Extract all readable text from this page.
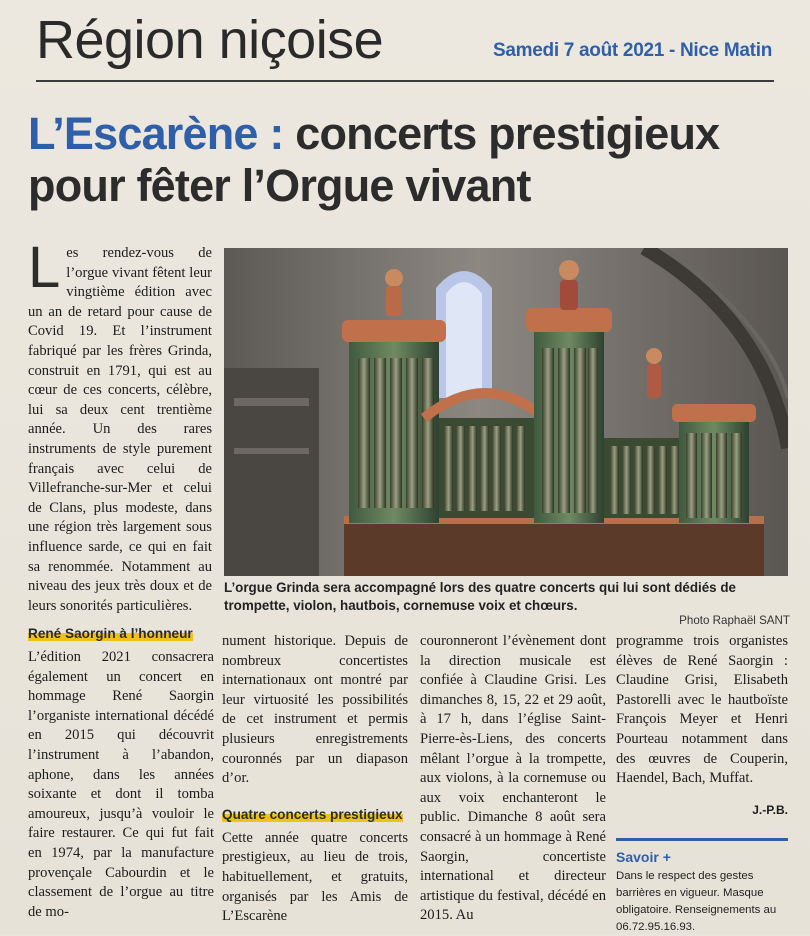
Région niçoise	Samedi 7 août 2021 - Nice Matin
L’Escarène : concerts prestigieux
pour fêter l’Orgue vivant
Les rendez-vous de l’orgue vivant fêtent leur vingtième édition avec un an de retard pour cause de Covid 19. Et l’instrument fabriqué par les frères Grinda, construit en 1791, qui est au cœur de ces concerts, célèbre, lui sa deux cent trentième année. Un des rares instruments de style purement français avec celui de Villefranche-sur-Mer et celui de Clans, plus modeste, dans une région très largement sous influence sarde, ce qui en fait sa renommée. Notamment au niveau des jeux très doux et de leurs sonorités particulières.
L’orgue Grinda sera accompagné lors des quatre concerts qui lui sont dédiés de trompette, violon, hautbois, cornemuse voix et chœurs.
Photo Raphaël SANT
René Saorgin à l’honneur
L’édition 2021 consacrera également un concert en hommage René Saorgin l’organiste international décédé en 2015 qui découvrit l’instrument à l’abandon, aphone, dans les années soixante et dont il tomba amoureux, jusqu’à vouloir le faire restaurer. Ce qui fut fait en 1974, par la manufacture provençale Cabourdin et le classement de l’orgue au titre de mo-
nument historique. Depuis de nombreux concertistes internationaux ont montré par leur virtuosité les possibilités de cet instrument et permis plusieurs enregistrements couronnés par un diapason d’or.
Quatre concerts prestigieux
Cette année quatre concerts prestigieux, au lieu de trois, habituellement, et gratuits, organisés par les Amis de L’Escarène
couronneront l’évènement dont la direction musicale est confiée à Claudine Grisi. Les dimanches 8, 15, 22 et 29 août, à 17 h, dans l’église Saint-Pierre-ès-Liens, des concerts mêlant l’orgue à la trompette, aux violons, à la cornemuse ou aux voix enchanteront le public. Dimanche 8 août sera consacré à un hommage à René Saorgin, concertiste international et directeur artistique du festival, décédé en 2015. Au
programme trois organistes élèves de René Saorgin : Claudine Grisi, Elisabeth Pastorelli avec le hautboïste François Meyer et Henri Pourteau notamment dans des œuvres de Couperin, Haendel, Bach, Muffat.
J.-P.B.
Savoir +
Dans le respect des gestes barrières en vigueur. Masque obligatoire. Renseignements au 06.72.95.16.93.
